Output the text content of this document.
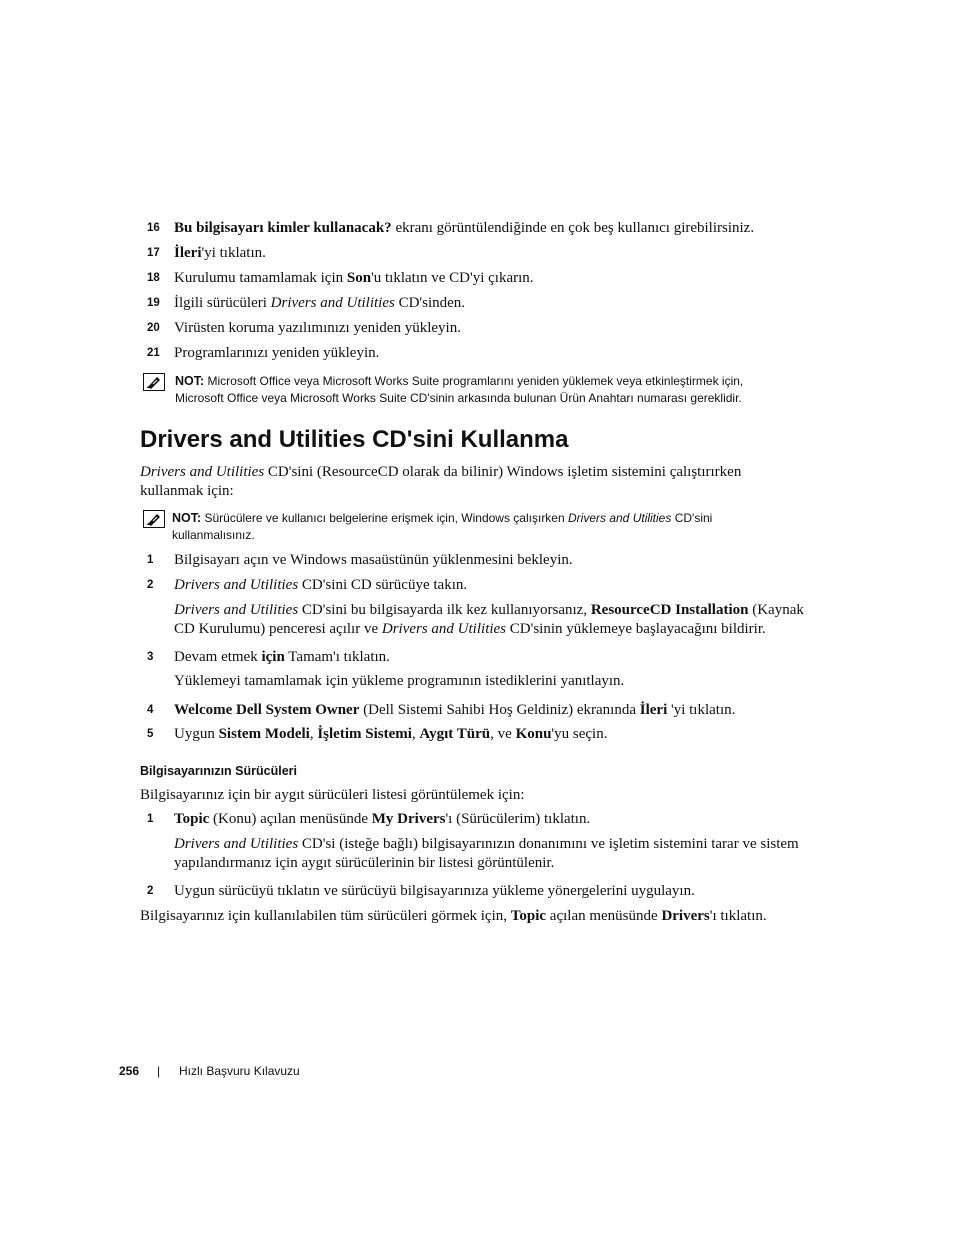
16 Bu bilgisayarı kimler kullanacak? ekranı görüntülendiğinde en çok beş kullanıcı girebilirsiniz.
17 İleri'yi tıklatın.
18 Kurulumu tamamlamak için Son'u tıklatın ve CD'yi çıkarın.
19 İlgili sürücüleri Drivers and Utilities CD'sinden.
20 Virüsten koruma yazılımınızı yeniden yükleyin.
21 Programlarınızı yeniden yükleyin.
NOT: Microsoft Office veya Microsoft Works Suite programlarını yeniden yüklemek veya etkinleştirmek için,
Microsoft Office veya Microsoft Works Suite CD'sinin arkasında bulunan Ürün Anahtarı numarası gereklidir.
Drivers and Utilities CD'sini Kullanma
Drivers and Utilities CD'sini (ResourceCD olarak da bilinir) Windows işletim sistemini çalıştırırken
kullanmak için:
NOT: Sürücülere ve kullanıcı belgelerine erişmek için, Windows çalışırken Drivers and Utilities CD'sini
kullanmalısınız.
1	Bilgisayarı açın ve Windows masaüstünün yüklenmesini bekleyin.
2	Drivers and Utilities CD'sini CD sürücüye takın.
Drivers and Utilities CD'sini bu bilgisayarda ilk kez kullanıyorsanız, ResourceCD Installation (Kaynak
CD Kurulumu) penceresi açılır ve Drivers and Utilities CD'sinin yüklemeye başlayacağını bildirir.
3	Devam etmek için Tamam'ı tıklatın.
Yüklemeyi tamamlamak için yükleme programının istediklerini yanıtlayın.
4	Welcome Dell System Owner (Dell Sistemi Sahibi Hoş Geldiniz) ekranında İleri 'yi tıklatın.
5	Uygun Sistem Modeli, İşletim Sistemi, Aygıt Türü, ve Konu'yu seçin.
Bilgisayarınızın Sürücüleri
Bilgisayarınız için bir aygıt sürücüleri listesi görüntülemek için:
1	Topic (Konu) açılan menüsünde My Drivers'ı (Sürücülerim) tıklatın.
Drivers and Utilities CD'si (isteğe bağlı) bilgisayarınızın donanımını ve işletim sistemini tarar ve sistem
yapılandırmanız için aygıt sürücülerinin bir listesi görüntülenir.
2	Uygun sürücüyü tıklatın ve sürücüyü bilgisayarınıza yükleme yönergelerini uygulayın.
Bilgisayarınız için kullanılabilen tüm sürücüleri görmek için, Topic açılan menüsünde Drivers'ı tıklatın.
256 | Hızlı Başvuru Kılavuzu
